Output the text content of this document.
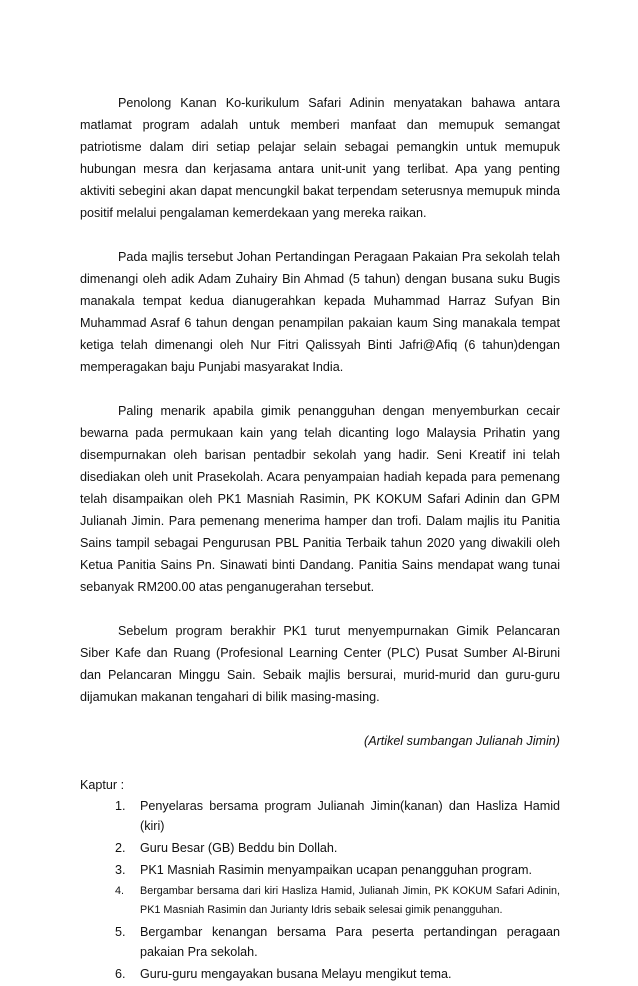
Penolong Kanan Ko-kurikulum Safari Adinin menyatakan bahawa antara matlamat program adalah untuk memberi manfaat dan memupuk semangat patriotisme dalam diri setiap pelajar selain sebagai pemangkin untuk memupuk hubungan mesra dan kerjasama antara unit-unit yang terlibat. Apa yang penting aktiviti sebegini akan dapat mencungkil bakat terpendam seterusnya memupuk minda positif melalui pengalaman kemerdekaan yang mereka raikan.

Pada majlis tersebut Johan Pertandingan Peragaan Pakaian Pra sekolah telah dimenangi oleh adik Adam Zuhairy Bin Ahmad (5 tahun) dengan busana suku Bugis manakala tempat kedua dianugerahkan kepada Muhammad Harraz Sufyan Bin Muhammad Asraf 6 tahun dengan penampilan pakaian kaum Sing manakala tempat ketiga telah dimenangi oleh Nur Fitri Qalissyah Binti Jafri@Afiq (6 tahun)dengan memperagakan baju Punjabi masyarakat India.

Paling menarik apabila gimik penangguhan dengan menyemburkan cecair bewarna pada permukaan kain yang telah dicanting logo Malaysia Prihatin yang disempurnakan oleh barisan pentadbir sekolah yang hadir. Seni Kreatif ini telah disediakan oleh unit Prasekolah. Acara penyampaian hadiah kepada para pemenang telah disampaikan oleh PK1 Masniah Rasimin, PK KOKUM Safari Adinin dan GPM Julianah Jimin. Para pemenang menerima hamper dan trofi. Dalam majlis itu Panitia Sains tampil sebagai Pengurusan PBL Panitia Terbaik tahun 2020 yang diwakili oleh Ketua Panitia Sains Pn. Sinawati binti Dandang. Panitia Sains mendapat wang tunai sebanyak RM200.00 atas penganugerahan tersebut.

Sebelum program berakhir PK1 turut menyempurnakan Gimik Pelancaran Siber Kafe dan Ruang (Profesional Learning Center (PLC) Pusat Sumber Al-Biruni dan Pelancaran Minggu Sain. Sebaik majlis bersurai, murid-murid dan guru-guru dijamukan makanan tengahari di bilik masing-masing.

(Artikel sumbangan Julianah Jimin)

Kaptur :

1.	Penyelaras bersama program Julianah Jimin(kanan) dan Hasliza Hamid (kiri)
2.	Guru Besar (GB) Beddu bin Dollah.
3.	PK1 Masniah Rasimin menyampaikan ucapan penangguhan program.
4.	Bergambar bersama dari kiri Hasliza Hamid, Julianah Jimin, PK KOKUM Safari Adinin, PK1 Masniah Rasimin dan Jurianty Idris sebaik selesai gimik penangguhan.
5.	Bergambar kenangan bersama Para peserta pertandingan peragaan pakaian Pra sekolah.
6.	Guru-guru mengayakan busana Melayu mengikut tema.
